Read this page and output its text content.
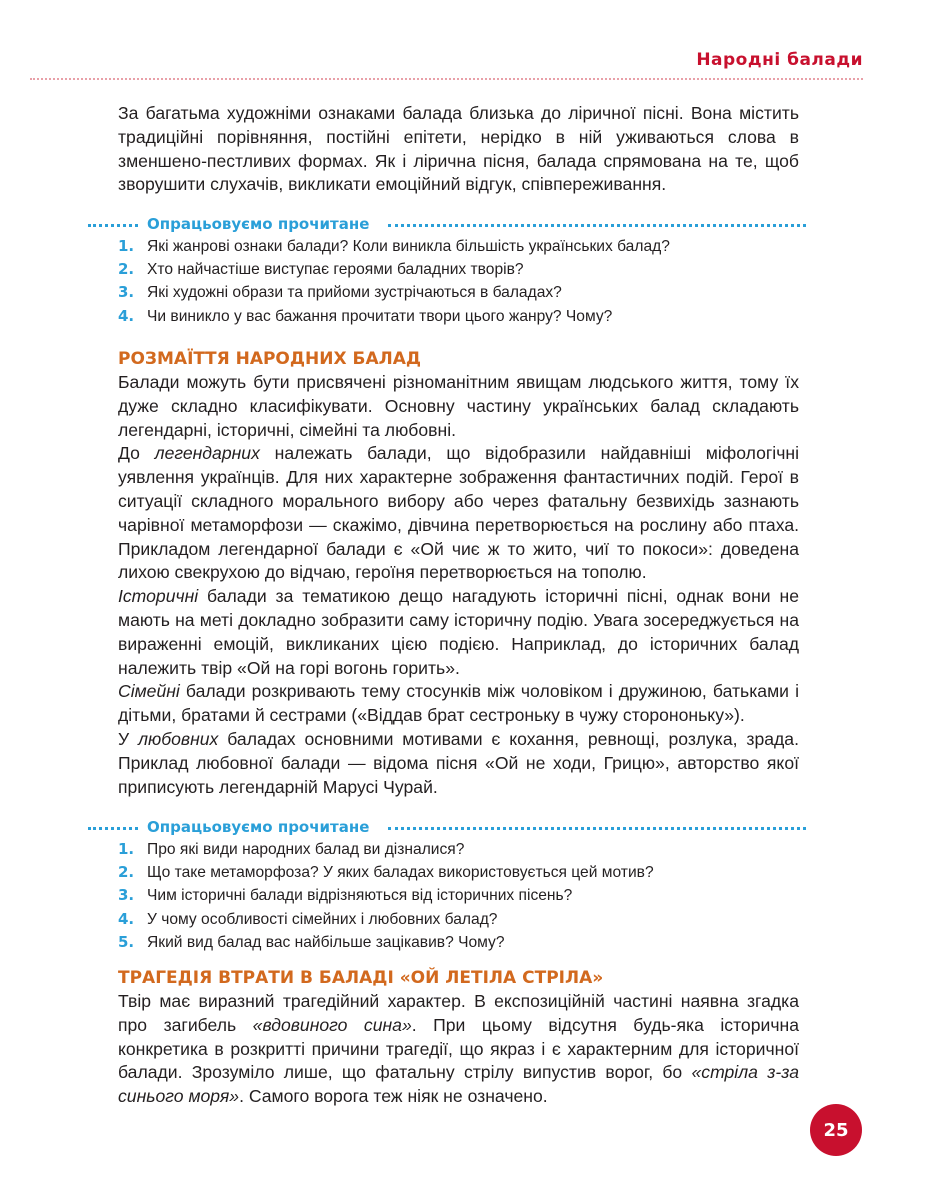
Народні балади

За багатьма художніми ознаками балада близька до ліричної пісні. Вона містить традиційні порівняння, постійні епітети, нерідко в ній уживаються слова в зменшено-пестливих формах. Як і лірична пісня, балада спрямована на те, щоб зворушити слухачів, викликати емоційний відгук, співпереживання.

Опрацьовуємо прочитане
1. Які жанрові ознаки балади? Коли виникла більшість українських балад?
2. Хто найчастіше виступає героями баладних творів?
3. Які художні образи та прийоми зустрічаються в баладах?
4. Чи виникло у вас бажання прочитати твори цього жанру? Чому?
РОЗМАЇТТЯ НАРОДНИХ БАЛАД

Балади можуть бути присвячені різноманітним явищам людського життя, тому їх дуже складно класифікувати. Основну частину українських балад складають легендарні, історичні, сімейні та любовні.

До легендарних належать балади, що відобразили найдавніші міфологічні уявлення українців. Для них характерне зображення фантастичних подій. Герої в ситуації складного морального вибору або через фатальну безвихідь зазнають чарівної метаморфози — скажімо, дівчина перетворюється на рослину або птаха. Прикладом легендарної балади є «Ой чиє ж то жито, чиї то покоси»: доведена лихою свекрухою до відчаю, героїня перетворюється на тополю.

Історичні балади за тематикою дещо нагадують історичні пісні, однак вони не мають на меті докладно зобразити саму історичну подію. Увага зосереджується на вираженні емоцій, викликаних цією подією. Наприклад, до історичних балад належить твір «Ой на горі вогонь горить».

Сімейні балади розкривають тему стосунків між чоловіком і дружиною, батьками і дітьми, братами й сестрами («Віддав брат сестроньку в чужу сторононьку»).

У любовних баладах основними мотивами є кохання, ревнощі, розлука, зрада. Приклад любовної балади — відома пісня «Ой не ходи, Грицю», авторство якої приписують легендарній Марусі Чурай.

Опрацьовуємо прочитане
1. Про які види народних балад ви дізналися?
2. Що таке метаморфоза? У яких баладах використовується цей мотив?
3. Чим історичні балади відрізняються від історичних пісень?
4. У чому особливості сімейних і любовних балад?
5. Який вид балад вас найбільше зацікавив? Чому?
ТРАГЕДІЯ ВТРАТИ В БАЛАДІ «ОЙ ЛЕТІЛА СТРІЛА»

Твір має виразний трагедійний характер. В експозиційній частині наявна згадка про загибель «вдовиного сина». При цьому відсутня будь-яка історична конкретика в розкритті причини трагедії, що якраз і є характерним для історичної балади. Зрозуміло лише, що фатальну стрілу випустив ворог, бо «стріла з-за синього моря». Самого ворога теж ніяк не означено.

25
